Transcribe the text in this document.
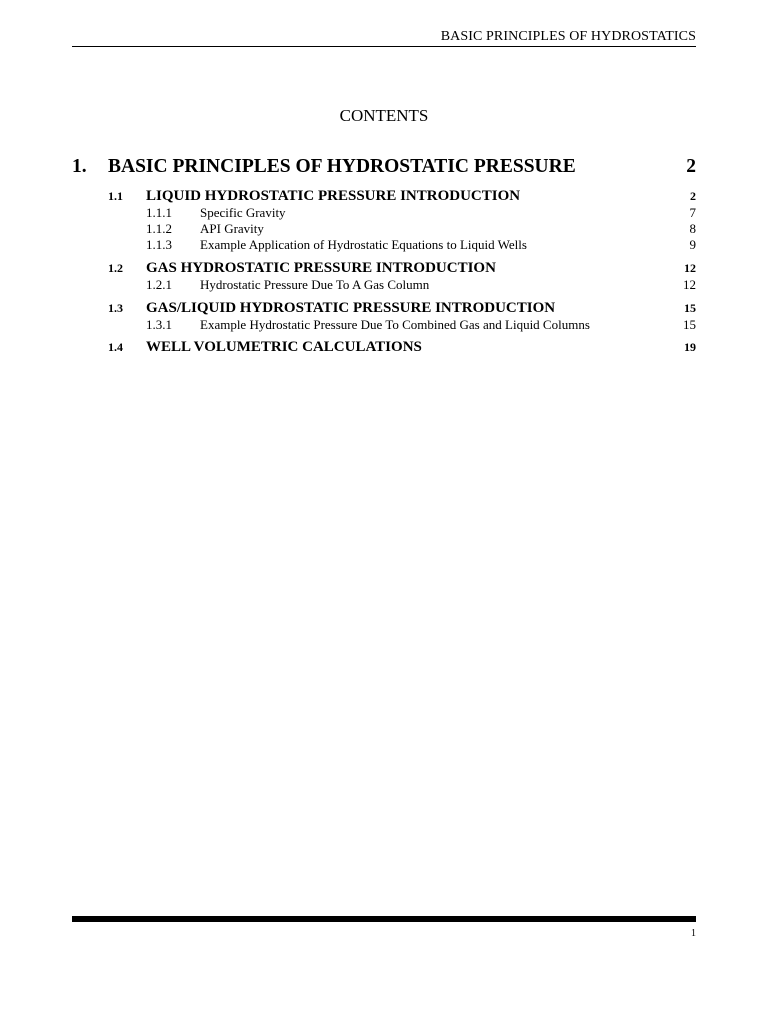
BASIC PRINCIPLES OF HYDROSTATICS
CONTENTS
1.	BASIC PRINCIPLES OF HYDROSTATIC PRESSURE	2
1.1	LIQUID HYDROSTATIC PRESSURE INTRODUCTION	2
1.1.1	Specific Gravity	7
1.1.2	API Gravity	8
1.1.3	Example Application of Hydrostatic Equations to Liquid Wells	9
1.2	GAS HYDROSTATIC PRESSURE INTRODUCTION	12
1.2.1	Hydrostatic Pressure Due To A Gas Column	12
1.3	GAS/LIQUID HYDROSTATIC PRESSURE INTRODUCTION	15
1.3.1	Example Hydrostatic Pressure Due To Combined Gas and Liquid Columns	15
1.4	WELL VOLUMETRIC CALCULATIONS	19
1
